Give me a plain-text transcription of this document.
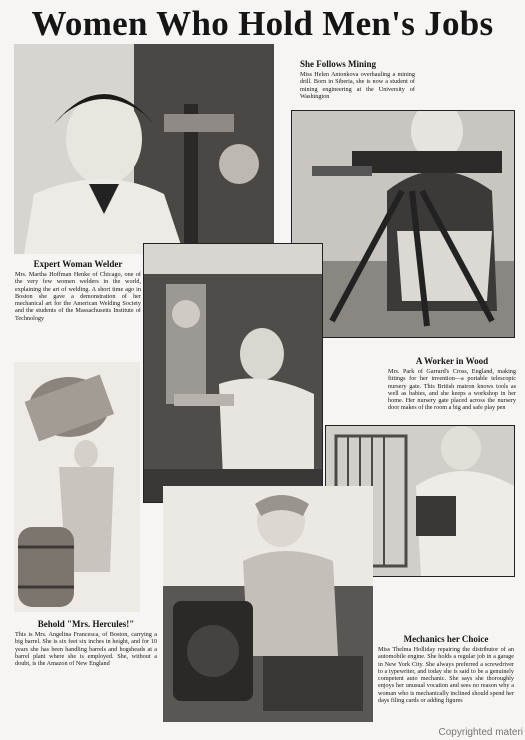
Women Who Hold Men's Jobs

She Follows Mining

Miss Helen Antonkova overhauling a mining drill. Born in Siberia, she is now a student of mining engineering at the University of Washington

Expert Woman Welder

Mrs. Martha Hoffman Henke of Chicago, one of the very few women welders in the world, explaining the art of welding. A short time ago in Boston she gave a demonstration of her mechanical art for the American Welding Society and the students of the Massachusetts Institute of Technology

A Worker in Wood

Mrs. Park of Garrard's Cross, England, making fittings for her invention—a portable telescopic nursery gate. This British matron knows tools as well as babies, and she keeps a workshop in her home. Her nursery gate placed across the nursery door makes of the room a big and safe play pen

Behold "Mrs. Hercules!"

This is Mrs. Angelina Francesca, of Boston, carrying a big barrel. She is six feet six inches in height, and for 10 years she has been handling barrels and hogsheads at a barrel plant where she is employed. She, without a doubt, is the Amazon of New England

Mechanics her Choice

Miss Thelma Holliday repairing the distributor of an automobile engine. She holds a regular job in a garage in New York City. She always preferred a screwdriver to a typewriter, and today she is said to be a genuinely competent auto mechanic. She says she thoroughly enjoys her unusual vocation and sees no reason why a woman who is mechanically inclined should spend her days filing cards or adding figures

Copyrighted materi
